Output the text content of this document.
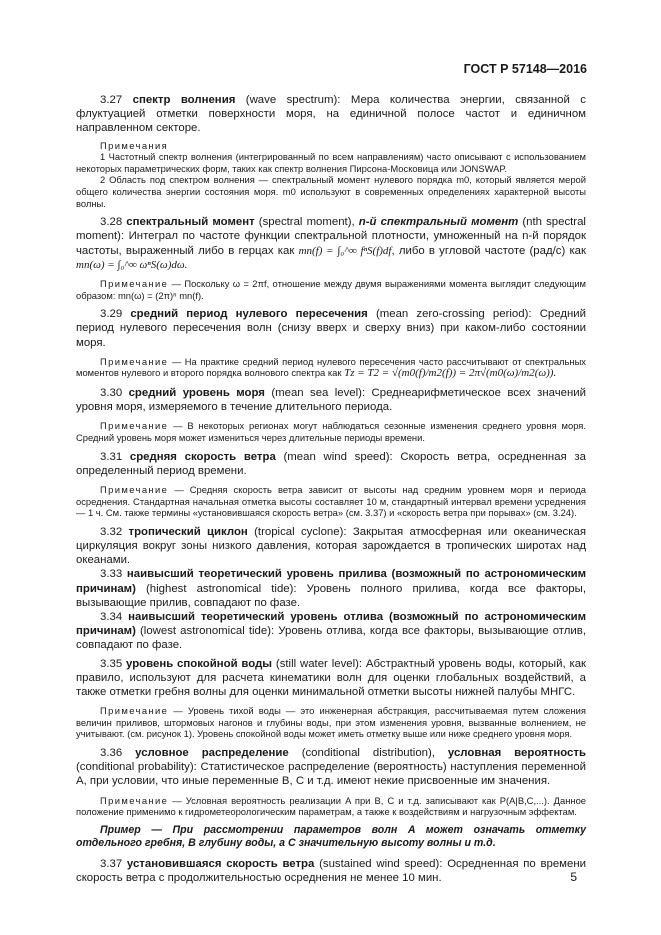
ГОСТ Р 57148—2016

3.27 спектр волнения (wave spectrum): Мера количества энергии, связанной с флуктуацией отметки поверхности моря, на единичной полосе частот и единичном направленном секторе.

Примечания

1 Частотный спектр волнения (интегрированный по всем направлениям) часто описывают с использованием некоторых параметрических форм, таких как спектр волнения Пирсона-Московица или JONSWAP.

2 Область под спектром волнения — спектральный момент нулевого порядка m0, который является мерой общего количества энергии состояния моря. m0 используют в современных определениях характерной высоты волны.

3.28 спектральный момент (spectral moment), n-й спектральный момент (nth spectral moment): Интеграл по частоте функции спектральной плотности, умноженный на n-й порядок частоты, выраженный либо в герцах как mn(f) = ∫₀^∞ fⁿS(f)df, либо в угловой частоте (рад/с) как mn(ω) = ∫₀^∞ ωⁿS(ω)dω.

Примечание — Поскольку ω = 2πf, отношение между двумя выражениями момента выглядит следующим образом: mn(ω) = (2π)ⁿ mn(f).

3.29 средний период нулевого пересечения (mean zero-crossing period): Средний период нулевого пересечения волн (снизу вверх и сверху вниз) при каком-либо состоянии моря.

Примечание — На практике средний период нулевого пересечения часто рассчитывают от спектральных моментов нулевого и второго порядка волнового спектра как Tz = T2 = √(m0(f)/m2(f)) = 2π√(m0(ω)/m2(ω)).

3.30 средний уровень моря (mean sea level): Среднеарифметическое всех значений уровня моря, измеряемого в течение длительного периода.

Примечание — В некоторых регионах могут наблюдаться сезонные изменения среднего уровня моря. Средний уровень моря может измениться через длительные периоды времени.

3.31 средняя скорость ветра (mean wind speed): Скорость ветра, осредненная за определенный период времени.

Примечание — Средняя скорость ветра зависит от высоты над средним уровнем моря и периода осреднения. Стандартная начальная отметка высоты составляет 10 м, стандартный интервал времени усреднения — 1 ч. См. также термины «установившаяся скорость ветра» (см. 3.37) и «скорость ветра при порывах» (см. 3.24).

3.32 тропический циклон (tropical cyclone): Закрытая атмосферная или океаническая циркуляция вокруг зоны низкого давления, которая зарождается в тропических широтах над океанами.

3.33 наивысший теоретический уровень прилива (возможный по астрономическим причинам) (highest astronomical tide): Уровень полного прилива, когда все факторы, вызывающие прилив, совпадают по фазе.

3.34 наивысший теоретический уровень отлива (возможный по астрономическим причинам) (lowest astronomical tide): Уровень отлива, когда все факторы, вызывающие отлив, совпадают по фазе.

3.35 уровень спокойной воды (still water level): Абстрактный уровень воды, который, как правило, используют для расчета кинематики волн для оценки глобальных воздействий, а также отметки гребня волны для оценки минимальной отметки высоты нижней палубы МНГС.

Примечание — Уровень тихой воды — это инженерная абстракция, рассчитываемая путем сложения величин приливов, штормовых нагонов и глубины воды, при этом изменения уровня, вызванные волнением, не учитывают. (см. рисунок 1). Уровень спокойной воды может иметь отметку выше или ниже среднего уровня моря.

3.36 условное распределение (conditional distribution), условная вероятность (conditional probability): Статистическое распределение (вероятность) наступления переменной A, при условии, что иные переменные B, C и т.д. имеют некие присвоенные им значения.

Примечание — Условная вероятность реализации A при B, C и т.д. записывают как P(A|B,C,...). Данное положение применимо к гидрометеорологическим параметрам, а также к воздействиям и нагрузочным эффектам.

Пример — При рассмотрении параметров волн A может означать отметку отдельного гребня, B глубину воды, а C значительную высоту волны и т.д.

3.37 установившаяся скорость ветра (sustained wind speed): Осредненная по времени скорость ветра с продолжительностью осреднения не менее 10 мин.	5
